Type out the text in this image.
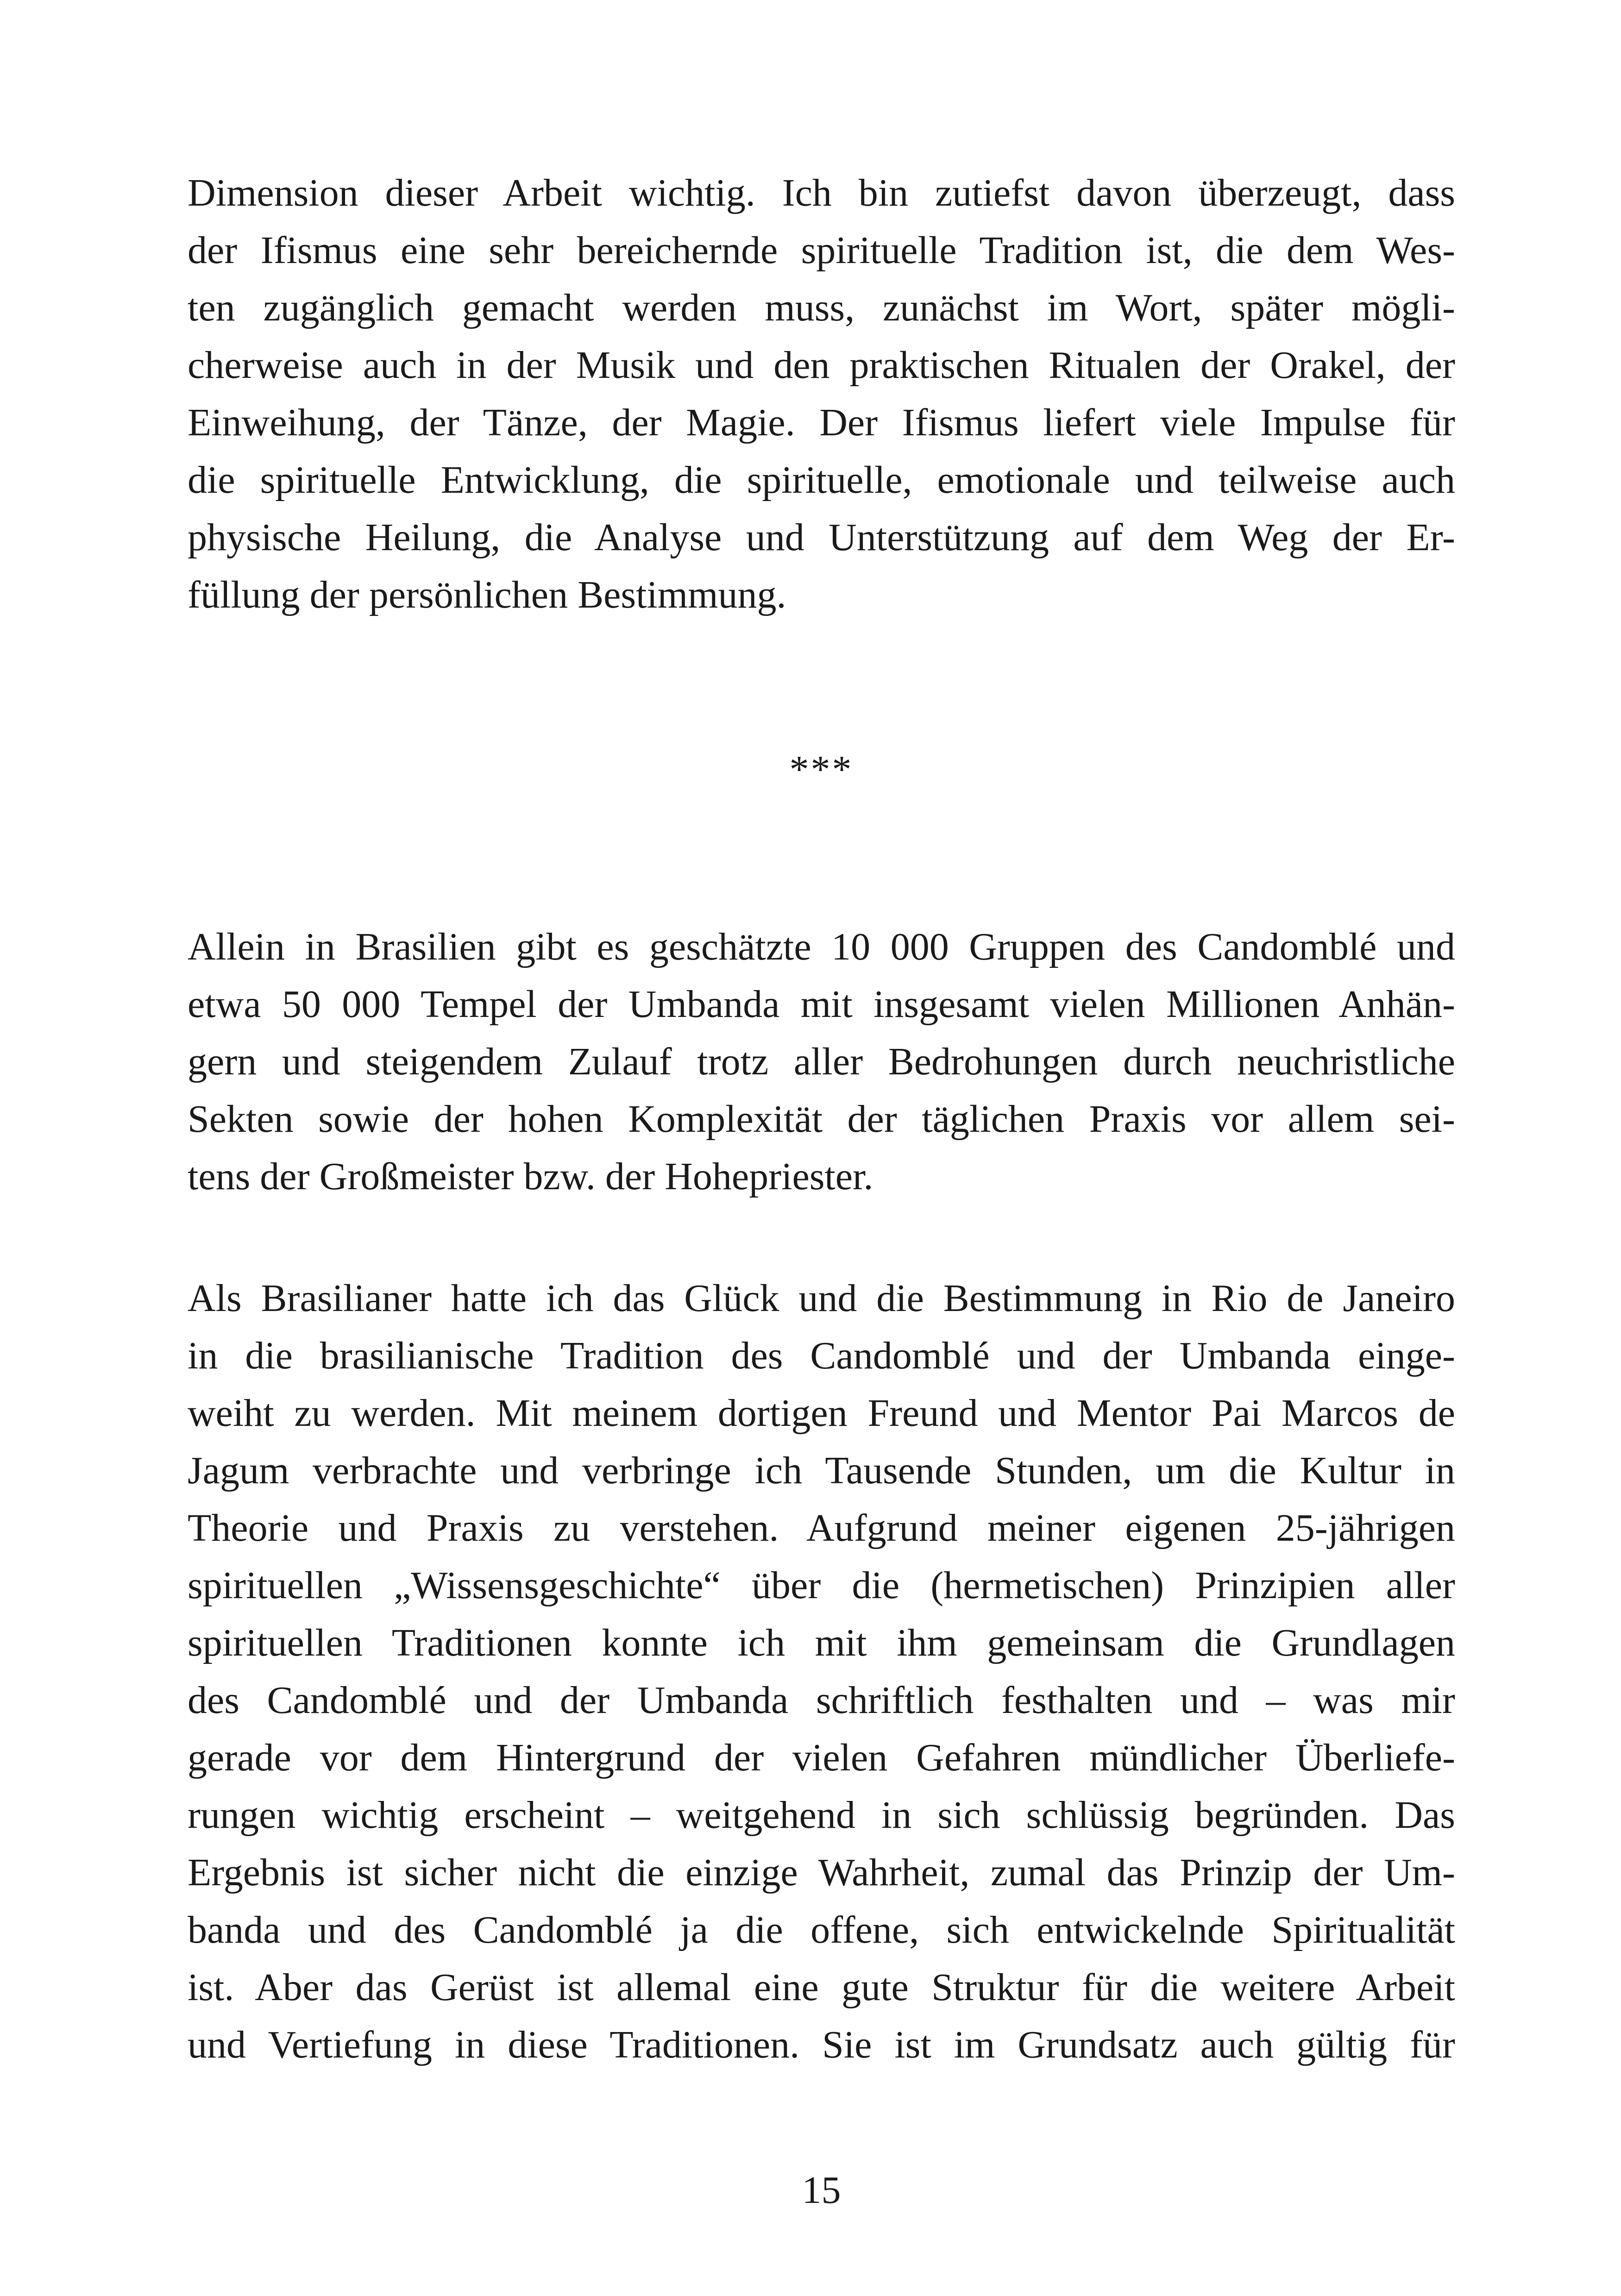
Dimension dieser Arbeit wichtig. Ich bin zutiefst davon überzeugt, dass
der Ifismus eine sehr bereichernde spirituelle Tradition ist, die dem Wes-
ten zugänglich gemacht werden muss, zunächst im Wort, später mögli-
cherweise auch in der Musik und den praktischen Ritualen der Orakel, der
Einweihung, der Tänze, der Magie. Der Ifismus liefert viele Impulse für
die spirituelle Entwicklung, die spirituelle, emotionale und teilweise auch
physische Heilung, die Analyse und Unterstützung auf dem Weg der Er-
füllung der persönlichen Bestimmung.
***
Allein in Brasilien gibt es geschätzte 10 000 Gruppen des Candomblé und
etwa 50 000 Tempel der Umbanda mit insgesamt vielen Millionen Anhän-
gern und steigendem Zulauf trotz aller Bedrohungen durch neuchristliche
Sekten sowie der hohen Komplexität der täglichen Praxis vor allem sei-
tens der Großmeister bzw. der Hohepriester.
Als Brasilianer hatte ich das Glück und die Bestimmung in Rio de Janeiro
in die brasilianische Tradition des Candomblé und der Umbanda einge-
weiht zu werden. Mit meinem dortigen Freund und Mentor Pai Marcos de
Jagum verbrachte und verbringe ich Tausende Stunden, um die Kultur in
Theorie und Praxis zu verstehen. Aufgrund meiner eigenen 25-jährigen
spirituellen „Wissensgeschichte“ über die (hermetischen) Prinzipien aller
spirituellen Traditionen konnte ich mit ihm gemeinsam die Grundlagen
des Candomblé und der Umbanda schriftlich festhalten und – was mir
gerade vor dem Hintergrund der vielen Gefahren mündlicher Überliefe-
rungen wichtig erscheint – weitgehend in sich schlüssig begründen. Das
Ergebnis ist sicher nicht die einzige Wahrheit, zumal das Prinzip der Um-
banda und des Candomblé ja die offene, sich entwickelnde Spiritualität
ist. Aber das Gerüst ist allemal eine gute Struktur für die weitere Arbeit
und Vertiefung in diese Traditionen. Sie ist im Grundsatz auch gültig für
15
